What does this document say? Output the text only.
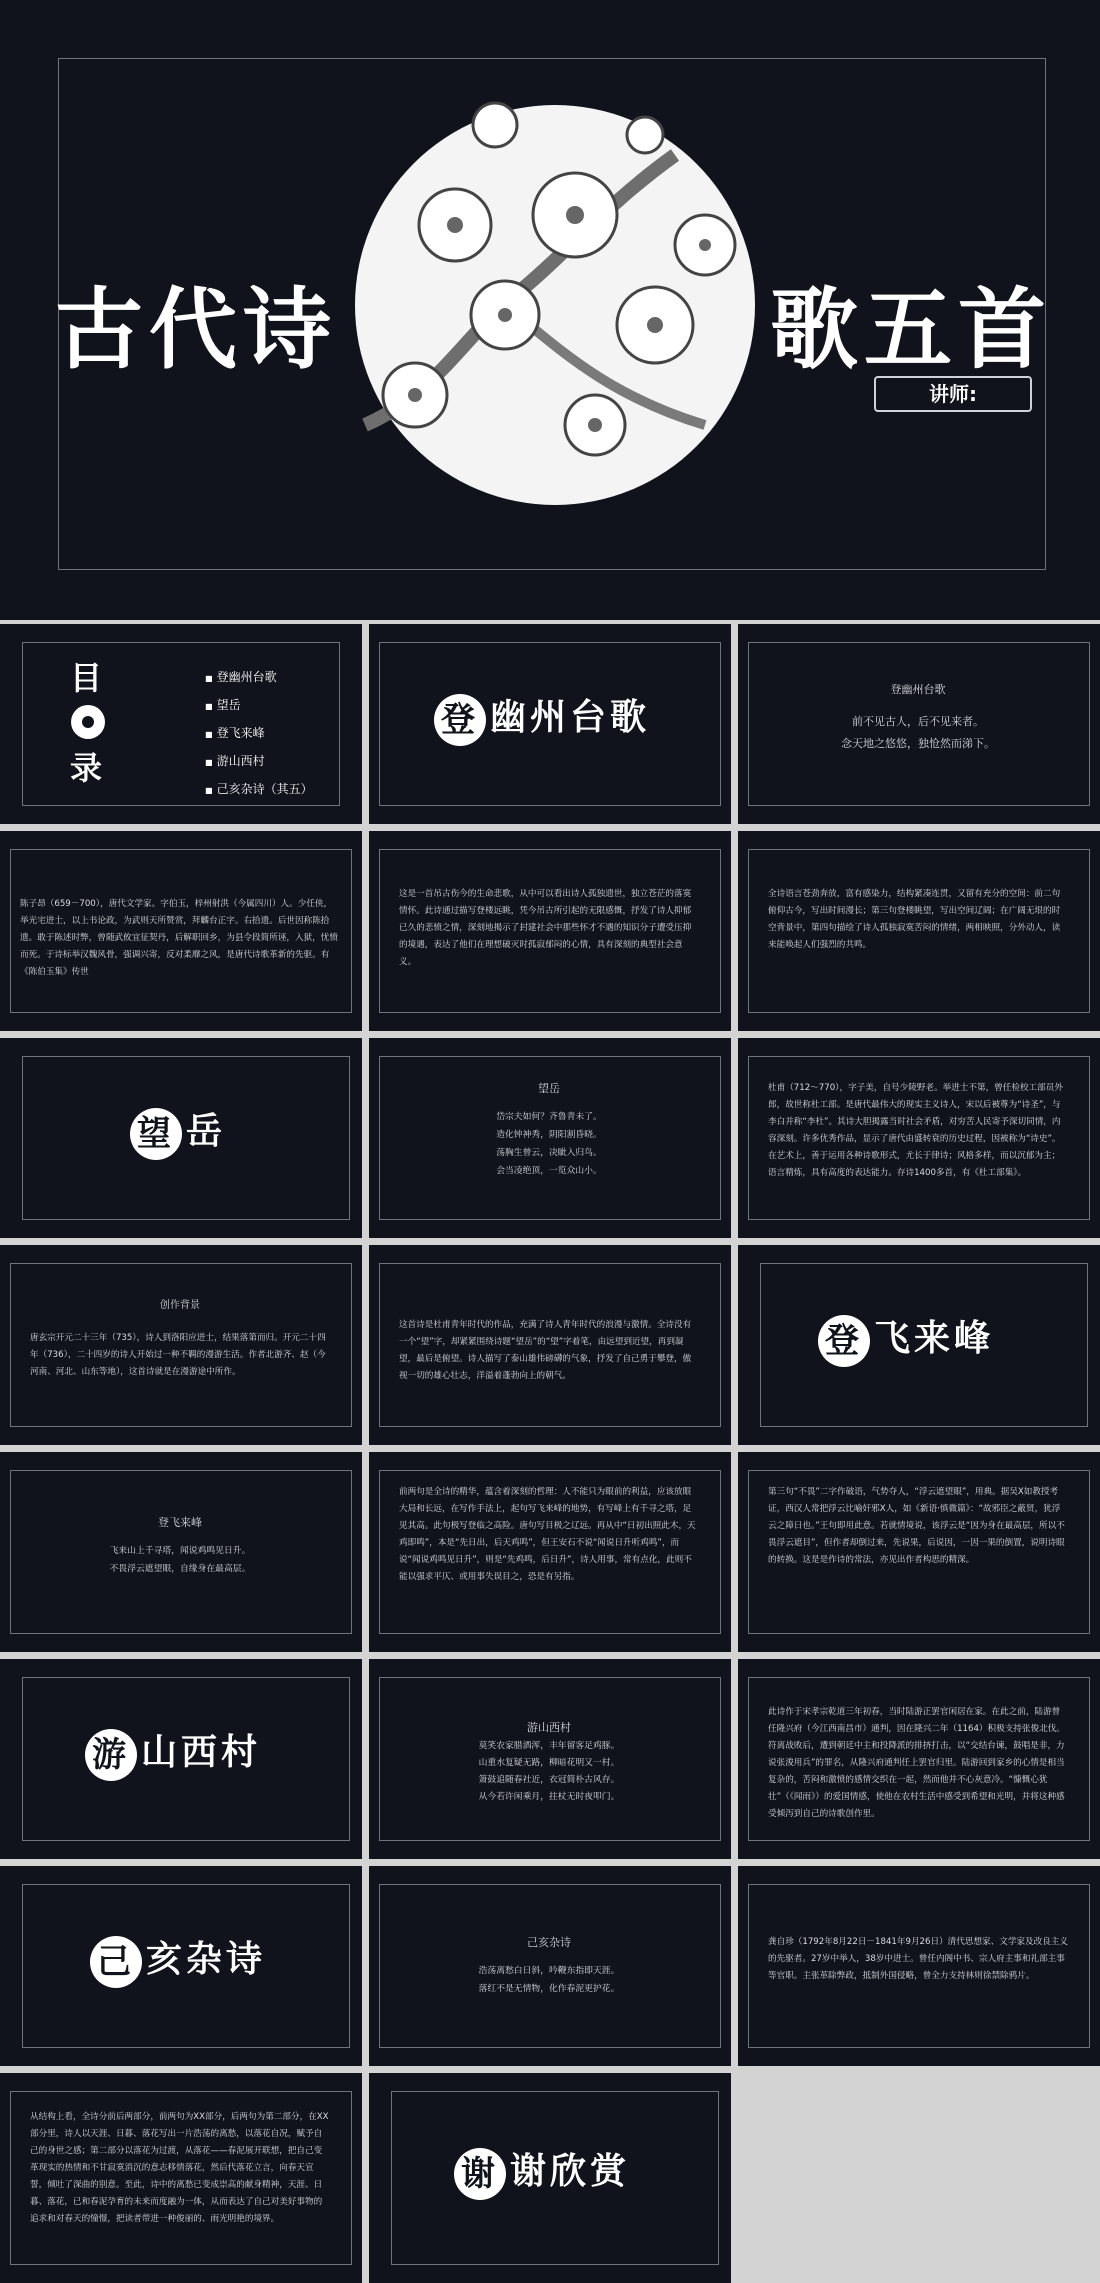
古代诗	歌五首
讲师:
目
录
■ 登幽州台歌
■ 望岳
■ 登飞来峰
■ 游山西村
■ 己亥杂诗（其五）
登 幽州台歌
登幽州台歌
前不见古人，后不见来者。
念天地之悠悠，独怆然而涕下。
陈子昂（659－700），唐代文学家。字伯玉，梓州射洪（今属四川）人。少任侠，举光宅进士，以上书论政，为武则天所赞赏，拜麟台正字。右拾遗。后世因称陈拾遗。敢于陈述时弊，曾随武攸宜征契丹，后解职回乡，为县令段简所诬，入狱，忧愤而死。于诗标举汉魏风骨，强调兴寄，反对柔靡之风，是唐代诗歌革新的先驱。有《陈伯玉集》传世
这是一首吊古伤今的生命悲歌，从中可以看出诗人孤独遗世，独立苍茫的落寞情怀。此诗通过描写登楼远眺，凭今吊古所引起的无限感慨，抒发了诗人抑郁已久的悲愤之情，深刻地揭示了封建社会中那些怀才不遇的知识分子遭受压抑的境遇，表达了他们在理想破灭时孤寂郁闷的心情，具有深刻的典型社会意义。
全诗语言苍劲奔放，富有感染力，结构紧凑连贯，又留有充分的空间：前二句俯仰古今，写出时间漫长；第三句登楼眺望，写出空间辽阔；在广阔无垠的时空背景中，第四句描绘了诗人孤独寂寞苦闷的情绪，两相映照，分外动人，读来能唤起人们强烈的共鸣。
望 岳
望岳
岱宗夫如何？齐鲁青未了。
造化钟神秀，阴阳割昏晓。
荡胸生曾云，决眦入归鸟。
会当凌绝顶，一览众山小。
杜甫（712～770），字子美，自号少陵野老。举进士不第，曾任检校工部员外郎，故世称杜工部。是唐代最伟大的现实主义诗人，宋以后被尊为“诗圣”，与李白并称“李杜”。其诗大胆揭露当时社会矛盾，对穷苦人民寄予深切同情，内容深刻。许多优秀作品，显示了唐代由盛转衰的历史过程，因被称为“诗史”。在艺术上，善于运用各种诗歌形式，尤长于律诗；风格多样，而以沉郁为主；语言精炼，具有高度的表达能力。存诗1400多首，有《杜工部集》。
创作背景
唐玄宗开元二十三年（735），诗人到洛阳应进士，结果落第而归。开元二十四年（736），二十四岁的诗人开始过一种不羁的漫游生活。作者北游齐、赵（今河南、河北、山东等地），这首诗就是在漫游途中所作。
这首诗是杜甫青年时代的作品，充满了诗人青年时代的浪漫与激情。全诗没有一个“望”字，却紧紧围绕诗题“望岳”的“望”字着笔，由远望到近望，再到凝望，最后是俯望。诗人描写了泰山雄伟磅礴的气象，抒发了自己勇于攀登，傲视一切的雄心壮志，洋溢着蓬勃向上的朝气。
登 飞来峰
登飞来峰
飞来山上千寻塔，闻说鸡鸣见日升。
不畏浮云遮望眼，自缘身在最高层。
前两句是全诗的精华，蕴含着深刻的哲理：人不能只为眼前的利益，应该放眼大局和长远，在写作手法上，起句写飞来峰的地势，有写峰上有千寻之塔，足见其高。此句极写登临之高险。唐句写目极之辽远。再从中“日初出照此木，天鸡即鸣”，本是“先日出，后天鸡鸣”，但王安石不说“闻说日升听鸡鸣”，而说“闻说鸡鸣见日升”，则是“先鸡鸣，后日升”，诗人用事，常有点化，此则不能以强求平仄、或用事失误目之，恐是有另指。
第三句“不畏”二字作破语，气势夺人，“浮云遮望眼”，用典。据吴X如教授考证，西汉人常把浮云比喻奸邪X人，如《新语·慎微篇》：“故邪臣之蔽贤，犹浮云之障日也。”王句即用此意。若就情境说，该浮云是“因为身在最高层，所以不畏浮云遮目”，但作者却倒过来，先说果，后说因，一因一果的倒置，说明诗眼的转换。这是是作诗的常法，亦见出作者构思的精深。
游 山西村
游山西村
莫笑农家腊酒浑，丰年留客足鸡豚。
山重水复疑无路，柳暗花明又一村。
箫鼓追随春社近，衣冠简朴古风存。
从今若许闲乘月，拄杖无时夜叩门。
此诗作于宋孝宗乾道三年初春，当时陆游正罢官闲居在家。在此之前，陆游曾任隆兴府（今江西南昌市）通判，因在隆兴二年（1164）积极支持张俊北伐。符离战败后，遭到朝廷中主和投降派的排挤打击，以“交结台谏，鼓唱是非，力说张浚用兵”的罪名，从隆兴府通判任上罢官归里。陆游回到家乡的心情是相当复杂的，苦闷和激愤的感情交织在一起，然而他并不心灰意冷。“慷慨心犹壮”（《闻雨》）的爱国情感，使他在农村生活中感受到希望和光明，并将这种感受倾泻到自己的诗歌创作里。
己 亥杂诗	己亥杂诗
浩荡离愁白日斜，吟鞭东指即天涯。
落红不是无情物，化作春泥更护花。
龚自珍（1792年8月22日－1841年9月26日）清代思想家、文学家及改良主义的先驱者。27岁中举人，38岁中进士。曾任内阁中书、宗人府主事和礼部主事等官职。主张革除弊政，抵制外国侵略，曾全力支持林则徐禁除鸦片。
从结构上看，全诗分前后两部分，前两句为XX部分，后两句为第二部分，在XX部分里，诗人以天涯、日暮、落花写出一片浩荡的离愁，以落花自况，赋予自己的身世之感；第二部分以落花为过渡，从落花——春泥展开联想，把自己变革现实的热情和不甘寂寞消沉的意志移情落花，然后代落花立言，向春天宣誓，倾吐了深曲的别意。至此，诗中的离愁已变成崇高的献身精神，天涯、日暮、落花，已和春泥孕育的未来而度融为一体，从而表达了自己对美好事物的追求和对春天的憧憬，把读者带进一种俊丽的、雨光明艳的境界。
谢 谢欣赏
